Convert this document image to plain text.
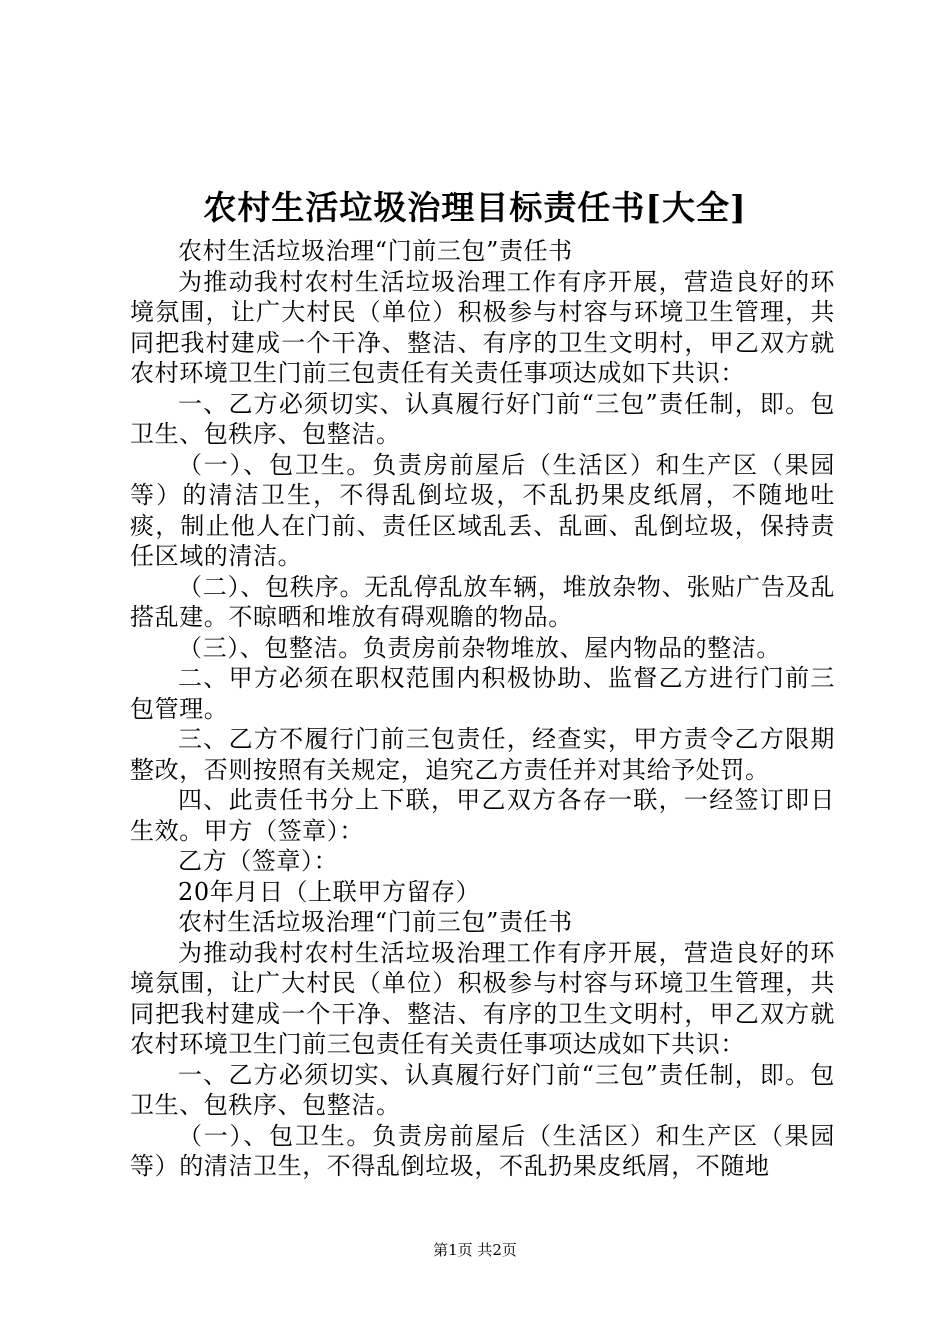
农村生活垃圾治理目标责任书[大全]

农村生活垃圾治理“门前三包”责任书

为推动我村农村生活垃圾治理工作有序开展，营造良好的环境氛围，让广大村民（单位）积极参与村容与环境卫生管理，共同把我村建成一个干净、整洁、有序的卫生文明村，甲乙双方就农村环境卫生门前三包责任有关责任事项达成如下共识：

一、乙方必须切实、认真履行好门前“三包”责任制，即。包卫生、包秩序、包整洁。

（一）、包卫生。负责房前屋后（生活区）和生产区（果园等）的清洁卫生，不得乱倒垃圾，不乱扔果皮纸屑，不随地吐痰，制止他人在门前、责任区域乱丢、乱画、乱倒垃圾，保持责任区域的清洁。

（二）、包秩序。无乱停乱放车辆，堆放杂物、张贴广告及乱搭乱建。不晾晒和堆放有碍观瞻的物品。

（三）、包整洁。负责房前杂物堆放、屋内物品的整洁。

二、甲方必须在职权范围内积极协助、监督乙方进行门前三包管理。

三、乙方不履行门前三包责任，经查实，甲方责令乙方限期整改，否则按照有关规定，追究乙方责任并对其给予处罚。

四、此责任书分上下联，甲乙双方各存一联，一经签订即日生效。甲方（签章）：

乙方（签章）：

20年月日（上联甲方留存）

农村生活垃圾治理“门前三包”责任书

为推动我村农村生活垃圾治理工作有序开展，营造良好的环境氛围，让广大村民（单位）积极参与村容与环境卫生管理，共同把我村建成一个干净、整洁、有序的卫生文明村，甲乙双方就农村环境卫生门前三包责任有关责任事项达成如下共识：

一、乙方必须切实、认真履行好门前“三包”责任制，即。包卫生、包秩序、包整洁。

（一）、包卫生。负责房前屋后（生活区）和生产区（果园等）的清洁卫生，不得乱倒垃圾，不乱扔果皮纸屑，不随地

第1页 共2页
